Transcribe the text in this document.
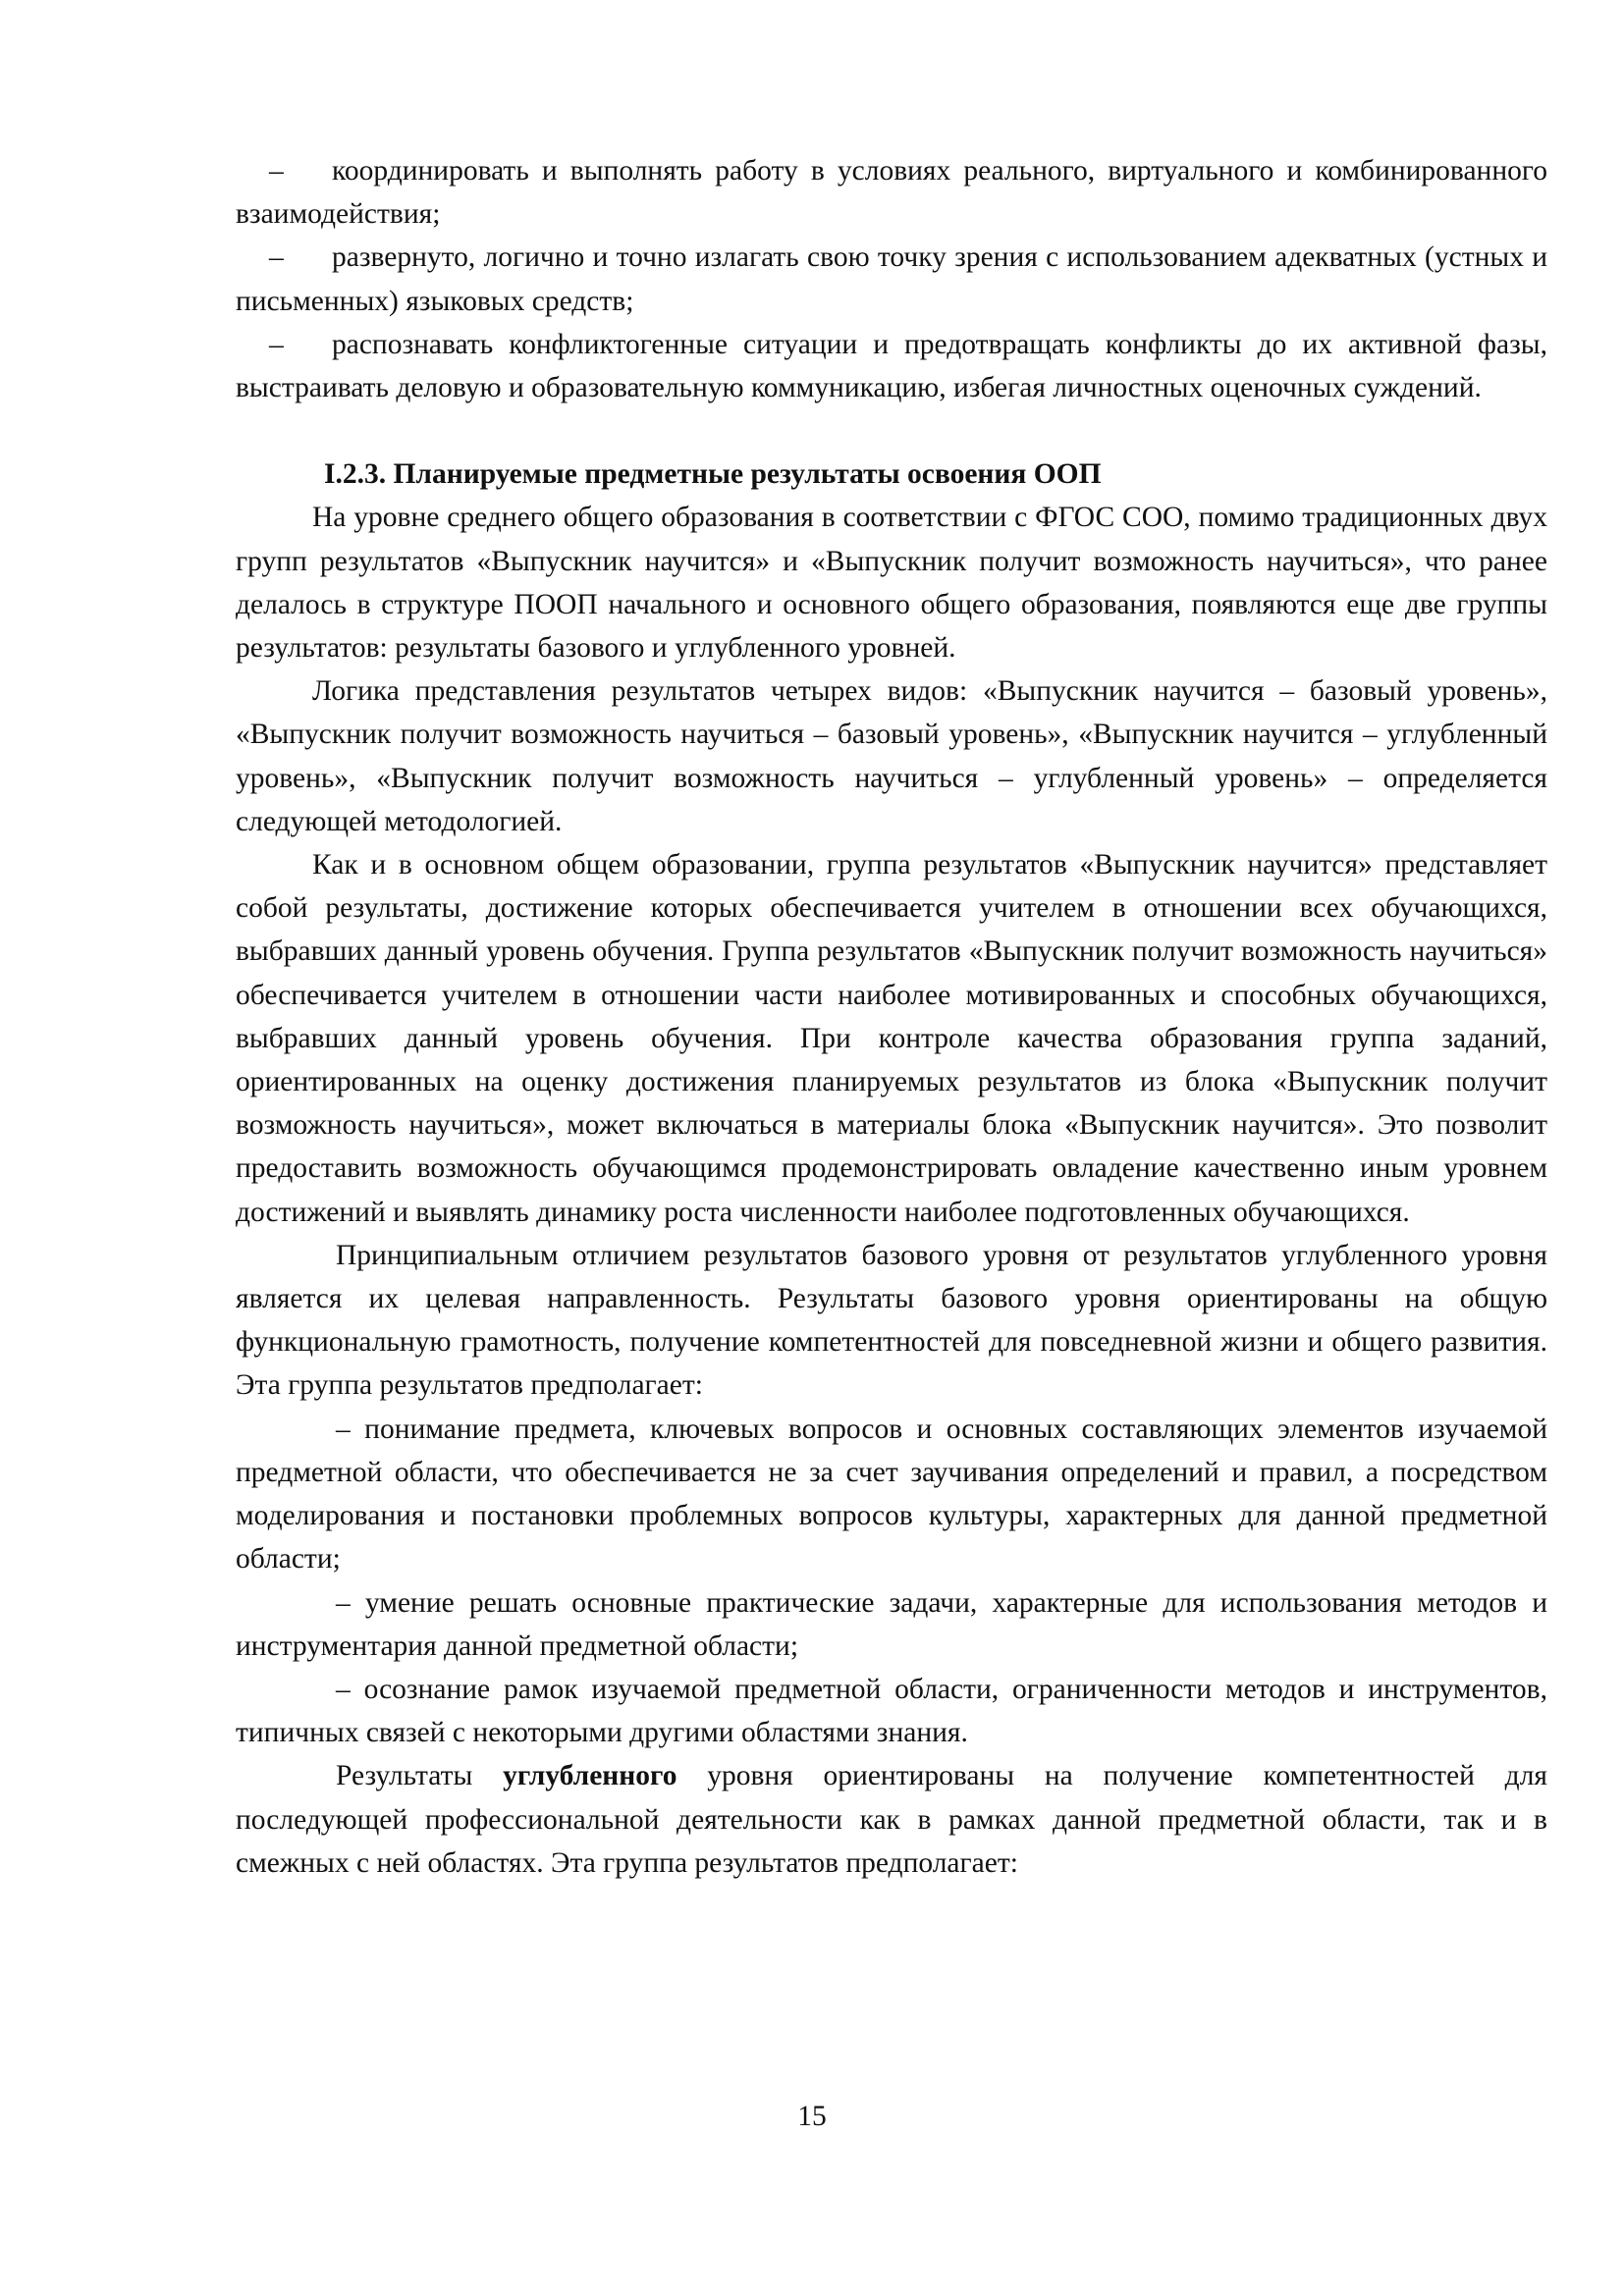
– координировать и выполнять работу в условиях реального, виртуального и комбинированного взаимодействия;

– развернуто, логично и точно излагать свою точку зрения с использованием адекватных (устных и письменных) языковых средств;

– распознавать конфликтогенные ситуации и предотвращать конфликты до их активной фазы, выстраивать деловую и образовательную коммуникацию, избегая личностных оценочных суждений.

I.2.3. Планируемые предметные результаты освоения ООП

На уровне среднего общего образования в соответствии с ФГОС СОО, помимо традиционных двух групп результатов «Выпускник научится» и «Выпускник получит возможность научиться», что ранее делалось в структуре ПООП начального и основного общего образования, появляются еще две группы результатов: результаты базового и углубленного уровней.

Логика представления результатов четырех видов: «Выпускник научится – базовый уровень», «Выпускник получит возможность научиться – базовый уровень», «Выпускник научится – углубленный уровень», «Выпускник получит возможность научиться – углубленный уровень» – определяется следующей методологией.

Как и в основном общем образовании, группа результатов «Выпускник научится» представляет собой результаты, достижение которых обеспечивается учителем в отношении всех обучающихся, выбравших данный уровень обучения. Группа результатов «Выпускник получит возможность научиться» обеспечивается учителем в отношении части наиболее мотивированных и способных обучающихся, выбравших данный уровень обучения. При контроле качества образования группа заданий, ориентированных на оценку достижения планируемых результатов из блока «Выпускник получит возможность научиться», может включаться в материалы блока «Выпускник научится». Это позволит предоставить возможность обучающимся продемонстрировать овладение качественно иным уровнем достижений и выявлять динамику роста численности наиболее подготовленных обучающихся.

Принципиальным отличием результатов базового уровня от результатов углубленного уровня является их целевая направленность. Результаты базового уровня ориентированы на общую функциональную грамотность, получение компетентностей для повседневной жизни и общего развития. Эта группа результатов предполагает:

– понимание предмета, ключевых вопросов и основных составляющих элементов изучаемой предметной области, что обеспечивается не за счет заучивания определений и правил, а посредством моделирования и постановки проблемных вопросов культуры, характерных для данной предметной области;

– умение решать основные практические задачи, характерные для использования методов и инструментария данной предметной области;

– осознание рамок изучаемой предметной области, ограниченности методов и инструментов, типичных связей с некоторыми другими областями знания.

Результаты углубленного уровня ориентированы на получение компетентностей для последующей профессиональной деятельности как в рамках данной предметной области, так и в смежных с ней областях. Эта группа результатов предполагает:

15
